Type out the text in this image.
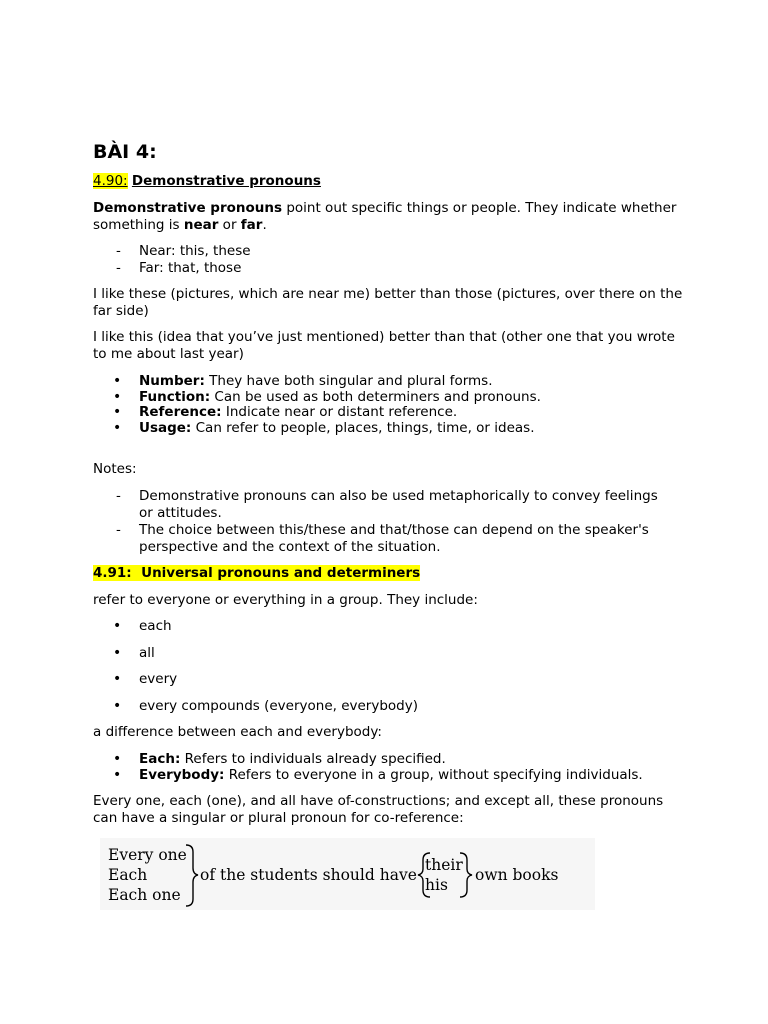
BÀI 4:
4.90: Demonstrative pronouns
Demonstrative pronouns point out specific things or people. They indicate whether something is near or far.
- Near: this, these
- Far: that, those
I like these (pictures, which are near me) better than those (pictures, over there on the far side)
I like this (idea that you’ve just mentioned) better than that (other one that you wrote to me about last year)
• Number: They have both singular and plural forms.
• Function: Can be used as both determiners and pronouns.
• Reference: Indicate near or distant reference.
• Usage: Can refer to people, places, things, time, or ideas.
Notes:
- Demonstrative pronouns can also be used metaphorically to convey feelings or attitudes.
- The choice between this/these and that/those can depend on the speaker's perspective and the context of the situation.
4.91:  Universal pronouns and determiners
refer to everyone or everything in a group. They include:
• each
• all
• every
• every compounds (everyone, everybody)
a difference between each and everybody:
• Each: Refers to individuals already specified.
• Everybody: Refers to everyone in a group, without specifying individuals.
Every one, each (one), and all have of-constructions; and except all, these pronouns can have a singular or plural pronoun for co-reference:
Every one
Each
Each one
of the students should have
their
his
own books
